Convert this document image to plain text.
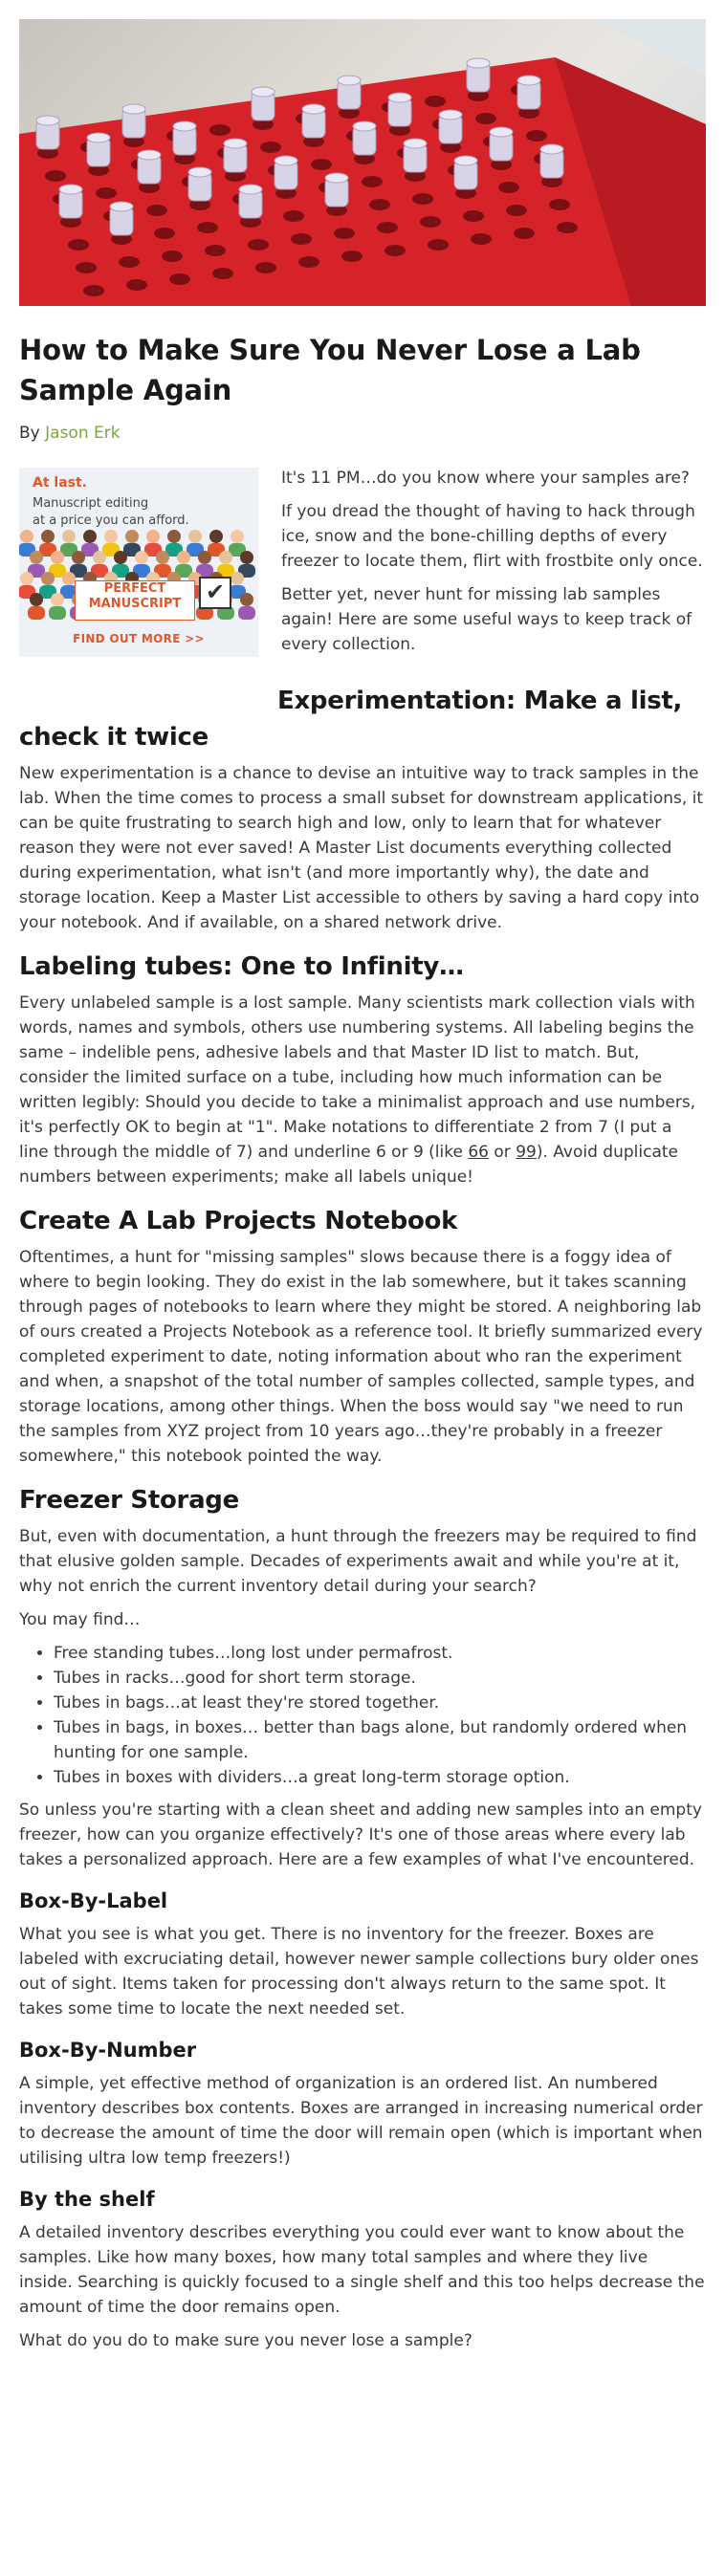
How to Make Sure You Never Lose a Lab Sample Again
By Jason Erk
At last.
Manuscript editing
at a price you can afford.
PERFECT
MANUSCRIPT	✔
FIND OUT MORE >>

It's 11 PM…do you know where your samples are?

If you dread the thought of having to hack through ice, snow and the bone-chilling depths of every freezer to locate them, flirt with frostbite only once.

Better yet, never hunt for missing lab samples again! Here are some useful ways to keep track of every collection.

Experimentation: Make a list, check it twice

New experimentation is a chance to devise an intuitive way to track samples in the lab. When the time comes to process a small subset for downstream applications, it can be quite frustrating to search high and low, only to learn that for whatever reason they were not ever saved! A Master List documents everything collected during experimentation, what isn't (and more importantly why), the date and storage location. Keep a Master List accessible to others by saving a hard copy into your notebook. And if available, on a shared network drive.

Labeling tubes: One to Infinity…

Every unlabeled sample is a lost sample. Many scientists mark collection vials with words, names and symbols, others use numbering systems. All labeling begins the same – indelible pens, adhesive labels and that Master ID list to match. But, consider the limited surface on a tube, including how much information can be written legibly: Should you decide to take a minimalist approach and use numbers, it's perfectly OK to begin at "1". Make notations to differentiate 2 from 7 (I put a line through the middle of 7) and underline 6 or 9 (like 66 or 99). Avoid duplicate numbers between experiments; make all labels unique!

Create A Lab Projects Notebook

Oftentimes, a hunt for "missing samples" slows because there is a foggy idea of where to begin looking. They do exist in the lab somewhere, but it takes scanning through pages of notebooks to learn where they might be stored. A neighboring lab of ours created a Projects Notebook as a reference tool. It briefly summarized every completed experiment to date, noting information about who ran the experiment and when, a snapshot of the total number of samples collected, sample types, and storage locations, among other things. When the boss would say "we need to run the samples from XYZ project from 10 years ago…they're probably in a freezer somewhere," this notebook pointed the way.

Freezer Storage

But, even with documentation, a hunt through the freezers may be required to find that elusive golden sample. Decades of experiments await and while you're at it, why not enrich the current inventory detail during your search?

You may find…

• Free standing tubes…long lost under permafrost.
• Tubes in racks…good for short term storage.
• Tubes in bags…at least they're stored together.
• Tubes in bags, in boxes… better than bags alone, but randomly ordered when hunting for one sample.
• Tubes in boxes with dividers…a great long-term storage option.

So unless you're starting with a clean sheet and adding new samples into an empty freezer, how can you organize effectively? It's one of those areas where every lab takes a personalized approach. Here are a few examples of what I've encountered.

Box-By-Label

What you see is what you get. There is no inventory for the freezer. Boxes are labeled with excruciating detail, however newer sample collections bury older ones out of sight. Items taken for processing don't always return to the same spot. It takes some time to locate the next needed set.

Box-By-Number

A simple, yet effective method of organization is an ordered list. An numbered inventory describes box contents. Boxes are arranged in increasing numerical order to decrease the amount of time the door will remain open (which is important when utilising ultra low temp freezers!)

By the shelf

A detailed inventory describes everything you could ever want to know about the samples. Like how many boxes, how many total samples and where they live inside. Searching is quickly focused to a single shelf and this too helps decrease the amount of time the door remains open.

What do you do to make sure you never lose a sample?
